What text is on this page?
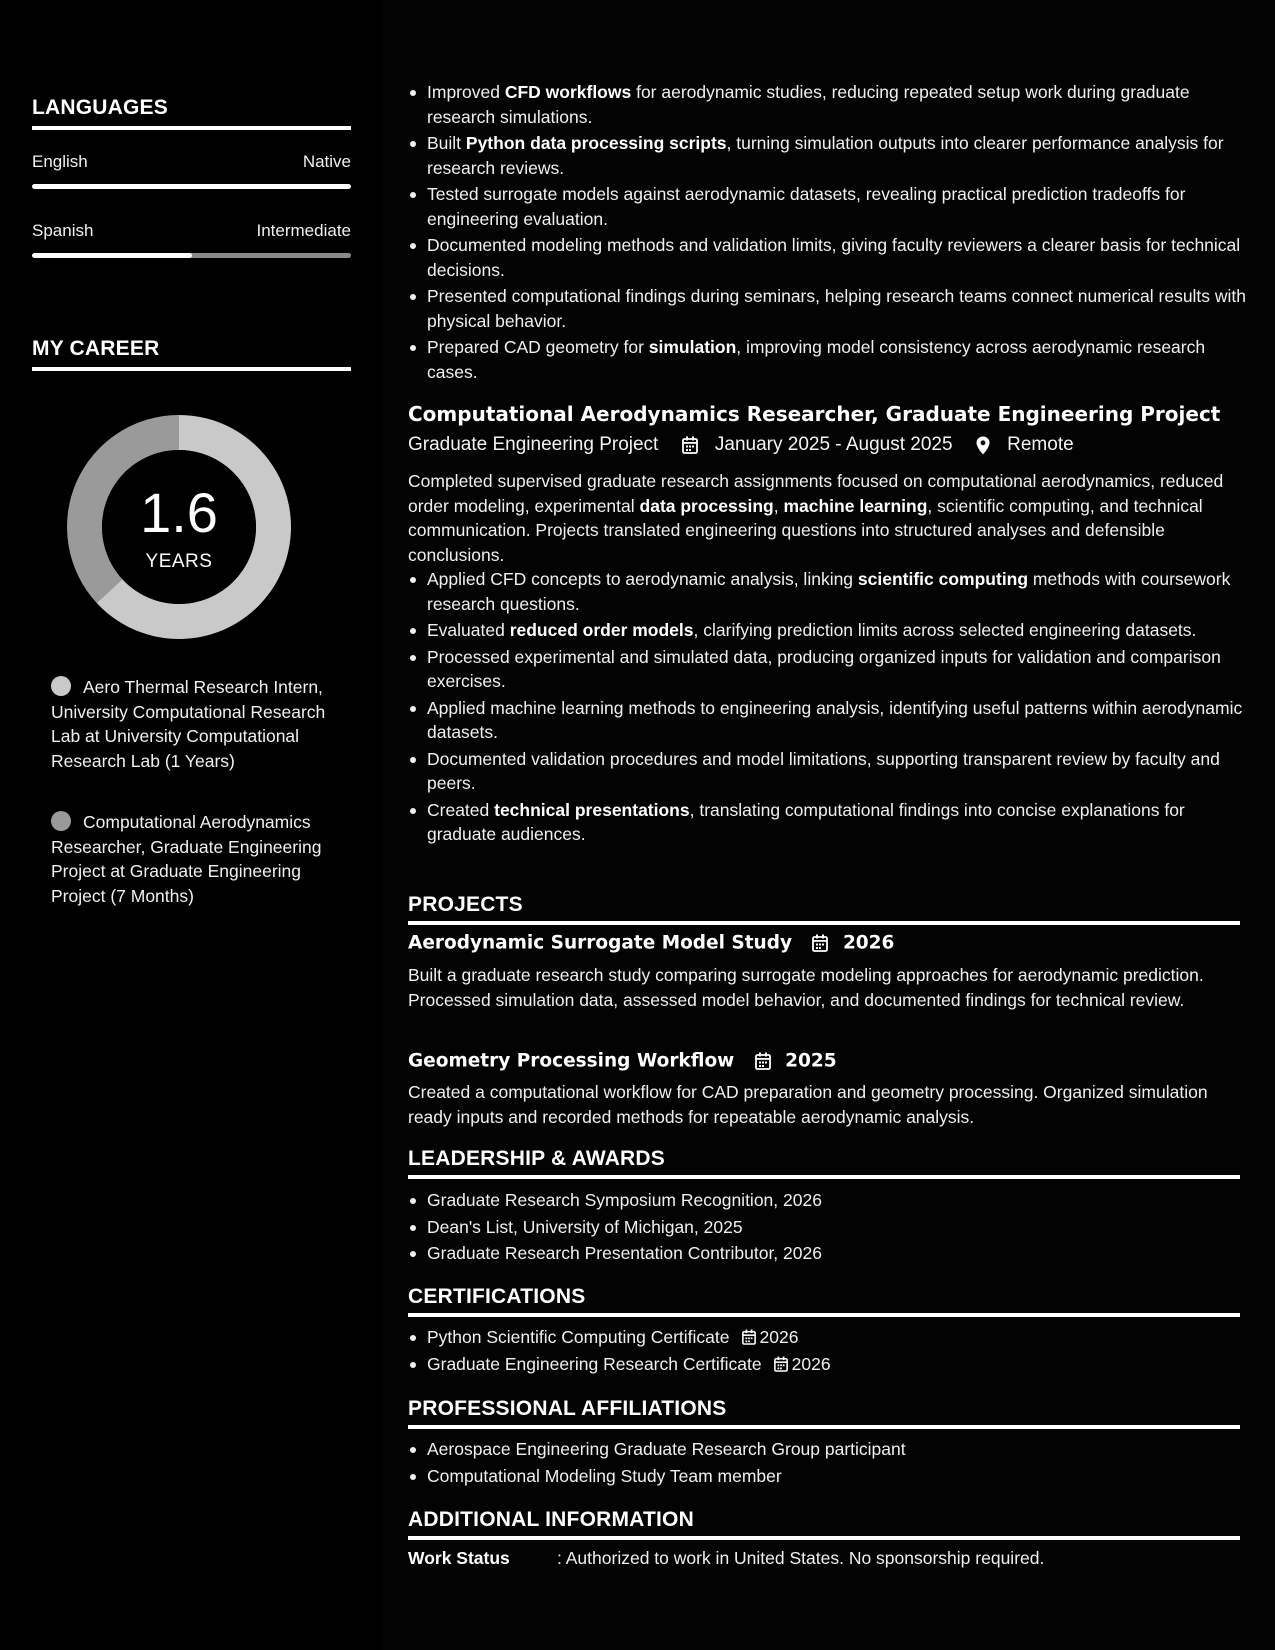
LANGUAGES
English	Native
Spanish	Intermediate
MY CAREER
1.6
YEARS
Aero Thermal Research Intern, University Computational Research Lab at University Computational Research Lab (1 Years)
Computational Aerodynamics Researcher, Graduate Engineering Project at Graduate Engineering Project (7 Months)
Improved CFD workflows for aerodynamic studies, reducing repeated setup work during graduate research simulations.
Built Python data processing scripts, turning simulation outputs into clearer performance analysis for research reviews.
Tested surrogate models against aerodynamic datasets, revealing practical prediction tradeoffs for engineering evaluation.
Documented modeling methods and validation limits, giving faculty reviewers a clearer basis for technical decisions.
Presented computational findings during seminars, helping research teams connect numerical results with physical behavior.
Prepared CAD geometry for simulation, improving model consistency across aerodynamic research cases.
Computational Aerodynamics Researcher, Graduate Engineering Project
Graduate Engineering Project	January 2025 - August 2025	Remote
Completed supervised graduate research assignments focused on computational aerodynamics, reduced order modeling, experimental data processing, machine learning, scientific computing, and technical communication. Projects translated engineering questions into structured analyses and defensible conclusions.
Applied CFD concepts to aerodynamic analysis, linking scientific computing methods with coursework research questions.
Evaluated reduced order models, clarifying prediction limits across selected engineering datasets.
Processed experimental and simulated data, producing organized inputs for validation and comparison exercises.
Applied machine learning methods to engineering analysis, identifying useful patterns within aerodynamic datasets.
Documented validation procedures and model limitations, supporting transparent review by faculty and peers.
Created technical presentations, translating computational findings into concise explanations for graduate audiences.
PROJECTS
Aerodynamic Surrogate Model Study	2026
Built a graduate research study comparing surrogate modeling approaches for aerodynamic prediction. Processed simulation data, assessed model behavior, and documented findings for technical review.
Geometry Processing Workflow	2025
Created a computational workflow for CAD preparation and geometry processing. Organized simulation ready inputs and recorded methods for repeatable aerodynamic analysis.
LEADERSHIP & AWARDS
Graduate Research Symposium Recognition, 2026
Dean's List, University of Michigan, 2025
Graduate Research Presentation Contributor, 2026
CERTIFICATIONS
Python Scientific Computing Certificate 2026
Graduate Engineering Research Certificate 2026
PROFESSIONAL AFFILIATIONS
Aerospace Engineering Graduate Research Group participant
Computational Modeling Study Team member
ADDITIONAL INFORMATION
Work Status	: Authorized to work in United States. No sponsorship required.
